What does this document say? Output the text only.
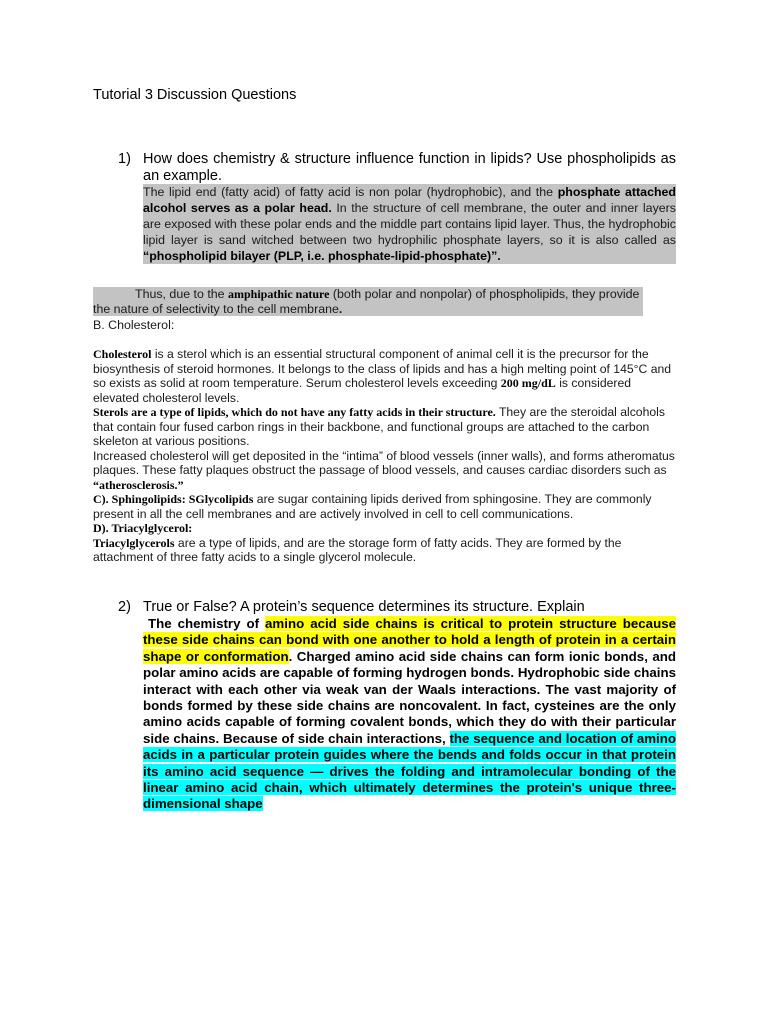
Tutorial 3 Discussion Questions
1) How does chemistry & structure influence function in lipids? Use phospholipids as an example.
The lipid end (fatty acid) of fatty acid is non polar (hydrophobic), and the phosphate attached alcohol serves as a polar head. In the structure of cell membrane, the outer and inner layers are exposed with these polar ends and the middle part contains lipid layer. Thus, the hydrophobic lipid layer is sand witched between two hydrophilic phosphate layers, so it is also called as “phospholipid bilayer (PLP, i.e. phosphate-lipid-phosphate)”.
Thus, due to the amphipathic nature (both polar and nonpolar) of phospholipids, they provide the nature of selectivity to the cell membrane.
B. Cholesterol:

Cholesterol is a sterol which is an essential structural component of animal cell it is the precursor for the biosynthesis of steroid hormones. It belongs to the class of lipids and has a high melting point of 145°C and so exists as solid at room temperature. Serum cholesterol levels exceeding 200 mg/dL is considered elevated cholesterol levels.

Sterols are a type of lipids, which do not have any fatty acids in their structure. They are the steroidal alcohols that contain four fused carbon rings in their backbone, and functional groups are attached to the carbon skeleton at various positions.

Increased cholesterol will get deposited in the “intima” of blood vessels (inner walls), and forms atheromatus plaques. These fatty plaques obstruct the passage of blood vessels, and causes cardiac disorders such as “atherosclerosis.”

C). Sphingolipids: SGlycolipids are sugar containing lipids derived from sphingosine. They are commonly present in all the cell membranes and are actively involved in cell to cell communications.

D). Triacylglycerol:

Triacylglycerols are a type of lipids, and are the storage form of fatty acids. They are formed by the attachment of three fatty acids to a single glycerol molecule.

2) True or False? A protein’s sequence determines its structure. Explain
The chemistry of amino acid side chains is critical to protein structure because these side chains can bond with one another to hold a length of protein in a certain shape or conformation. Charged amino acid side chains can form ionic bonds, and polar amino acids are capable of forming hydrogen bonds. Hydrophobic side chains interact with each other via weak van der Waals interactions. The vast majority of bonds formed by these side chains are noncovalent. In fact, cysteines are the only amino acids capable of forming covalent bonds, which they do with their particular side chains. Because of side chain interactions, the sequence and location of amino acids in a particular protein guides where the bends and folds occur in that protein its amino acid sequence — drives the folding and intramolecular bonding of the linear amino acid chain, which ultimately determines the protein's unique three-dimensional shape
